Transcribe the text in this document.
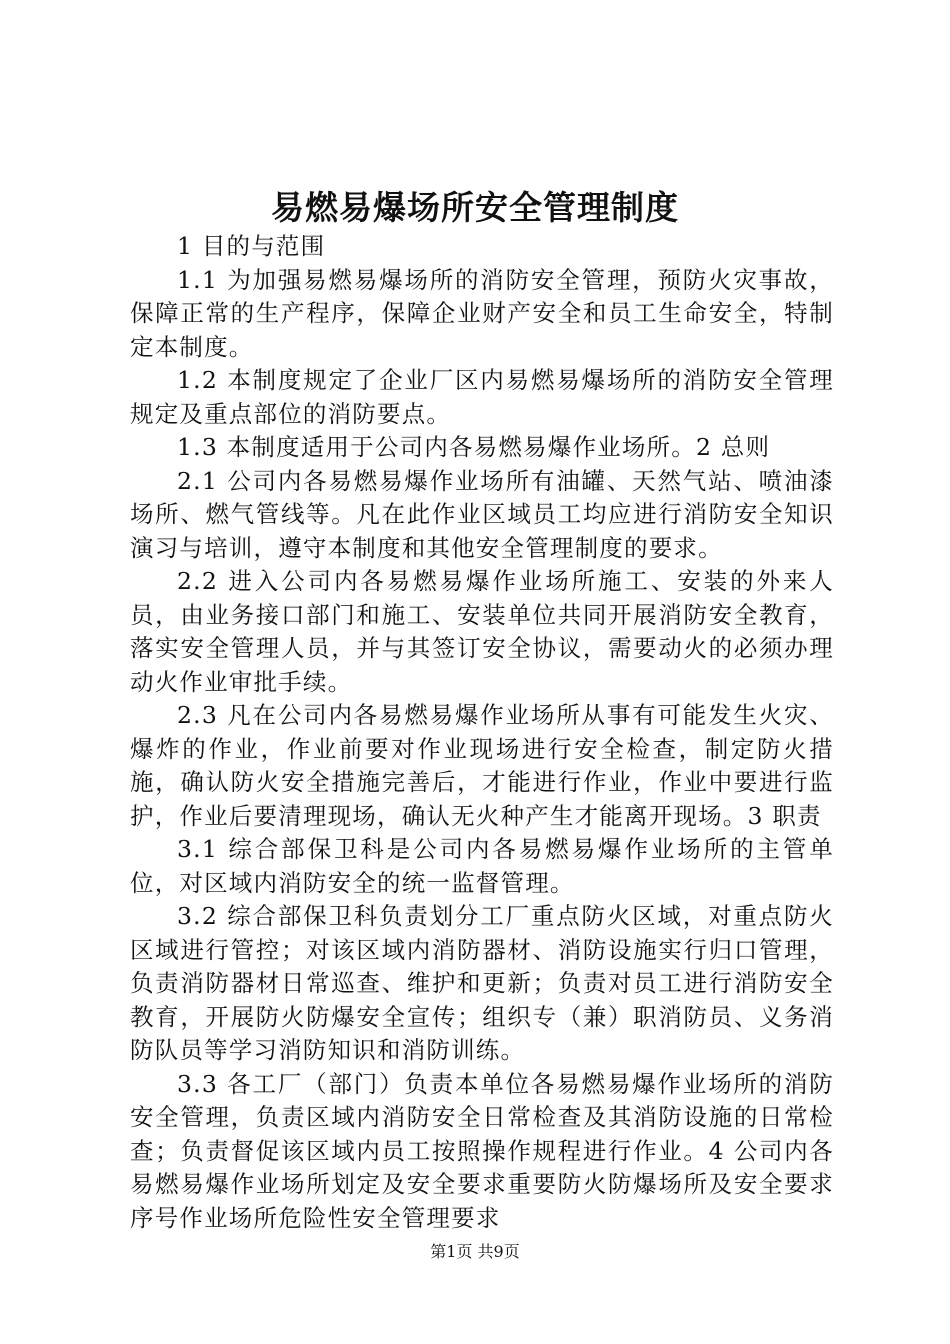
易燃易爆场所安全管理制度

1 目的与范围

1.1 为加强易燃易爆场所的消防安全管理，预防火灾事故，保障正常的生产程序，保障企业财产安全和员工生命安全，特制定本制度。

1.2 本制度规定了企业厂区内易燃易爆场所的消防安全管理规定及重点部位的消防要点。

1.3 本制度适用于公司内各易燃易爆作业场所。2 总则

2.1 公司内各易燃易爆作业场所有油罐、天然气站、喷油漆场所、燃气管线等。凡在此作业区域员工均应进行消防安全知识演习与培训，遵守本制度和其他安全管理制度的要求。

2.2 进入公司内各易燃易爆作业场所施工、安装的外来人员，由业务接口部门和施工、安装单位共同开展消防安全教育，落实安全管理人员，并与其签订安全协议，需要动火的必须办理动火作业审批手续。

2.3 凡在公司内各易燃易爆作业场所从事有可能发生火灾、爆炸的作业，作业前要对作业现场进行安全检查，制定防火措施，确认防火安全措施完善后，才能进行作业，作业中要进行监护，作业后要清理现场，确认无火种产生才能离开现场。3 职责

3.1 综合部保卫科是公司内各易燃易爆作业场所的主管单位，对区域内消防安全的统一监督管理。

3.2 综合部保卫科负责划分工厂重点防火区域，对重点防火区域进行管控；对该区域内消防器材、消防设施实行归口管理，负责消防器材日常巡查、维护和更新；负责对员工进行消防安全教育，开展防火防爆安全宣传；组织专（兼）职消防员、义务消防队员等学习消防知识和消防训练。

3.3 各工厂（部门）负责本单位各易燃易爆作业场所的消防安全管理，负责区域内消防安全日常检查及其消防设施的日常检查；负责督促该区域内员工按照操作规程进行作业。4 公司内各易燃易爆作业场所划定及安全要求重要防火防爆场所及安全要求序号作业场所危险性安全管理要求

第1页 共9页
